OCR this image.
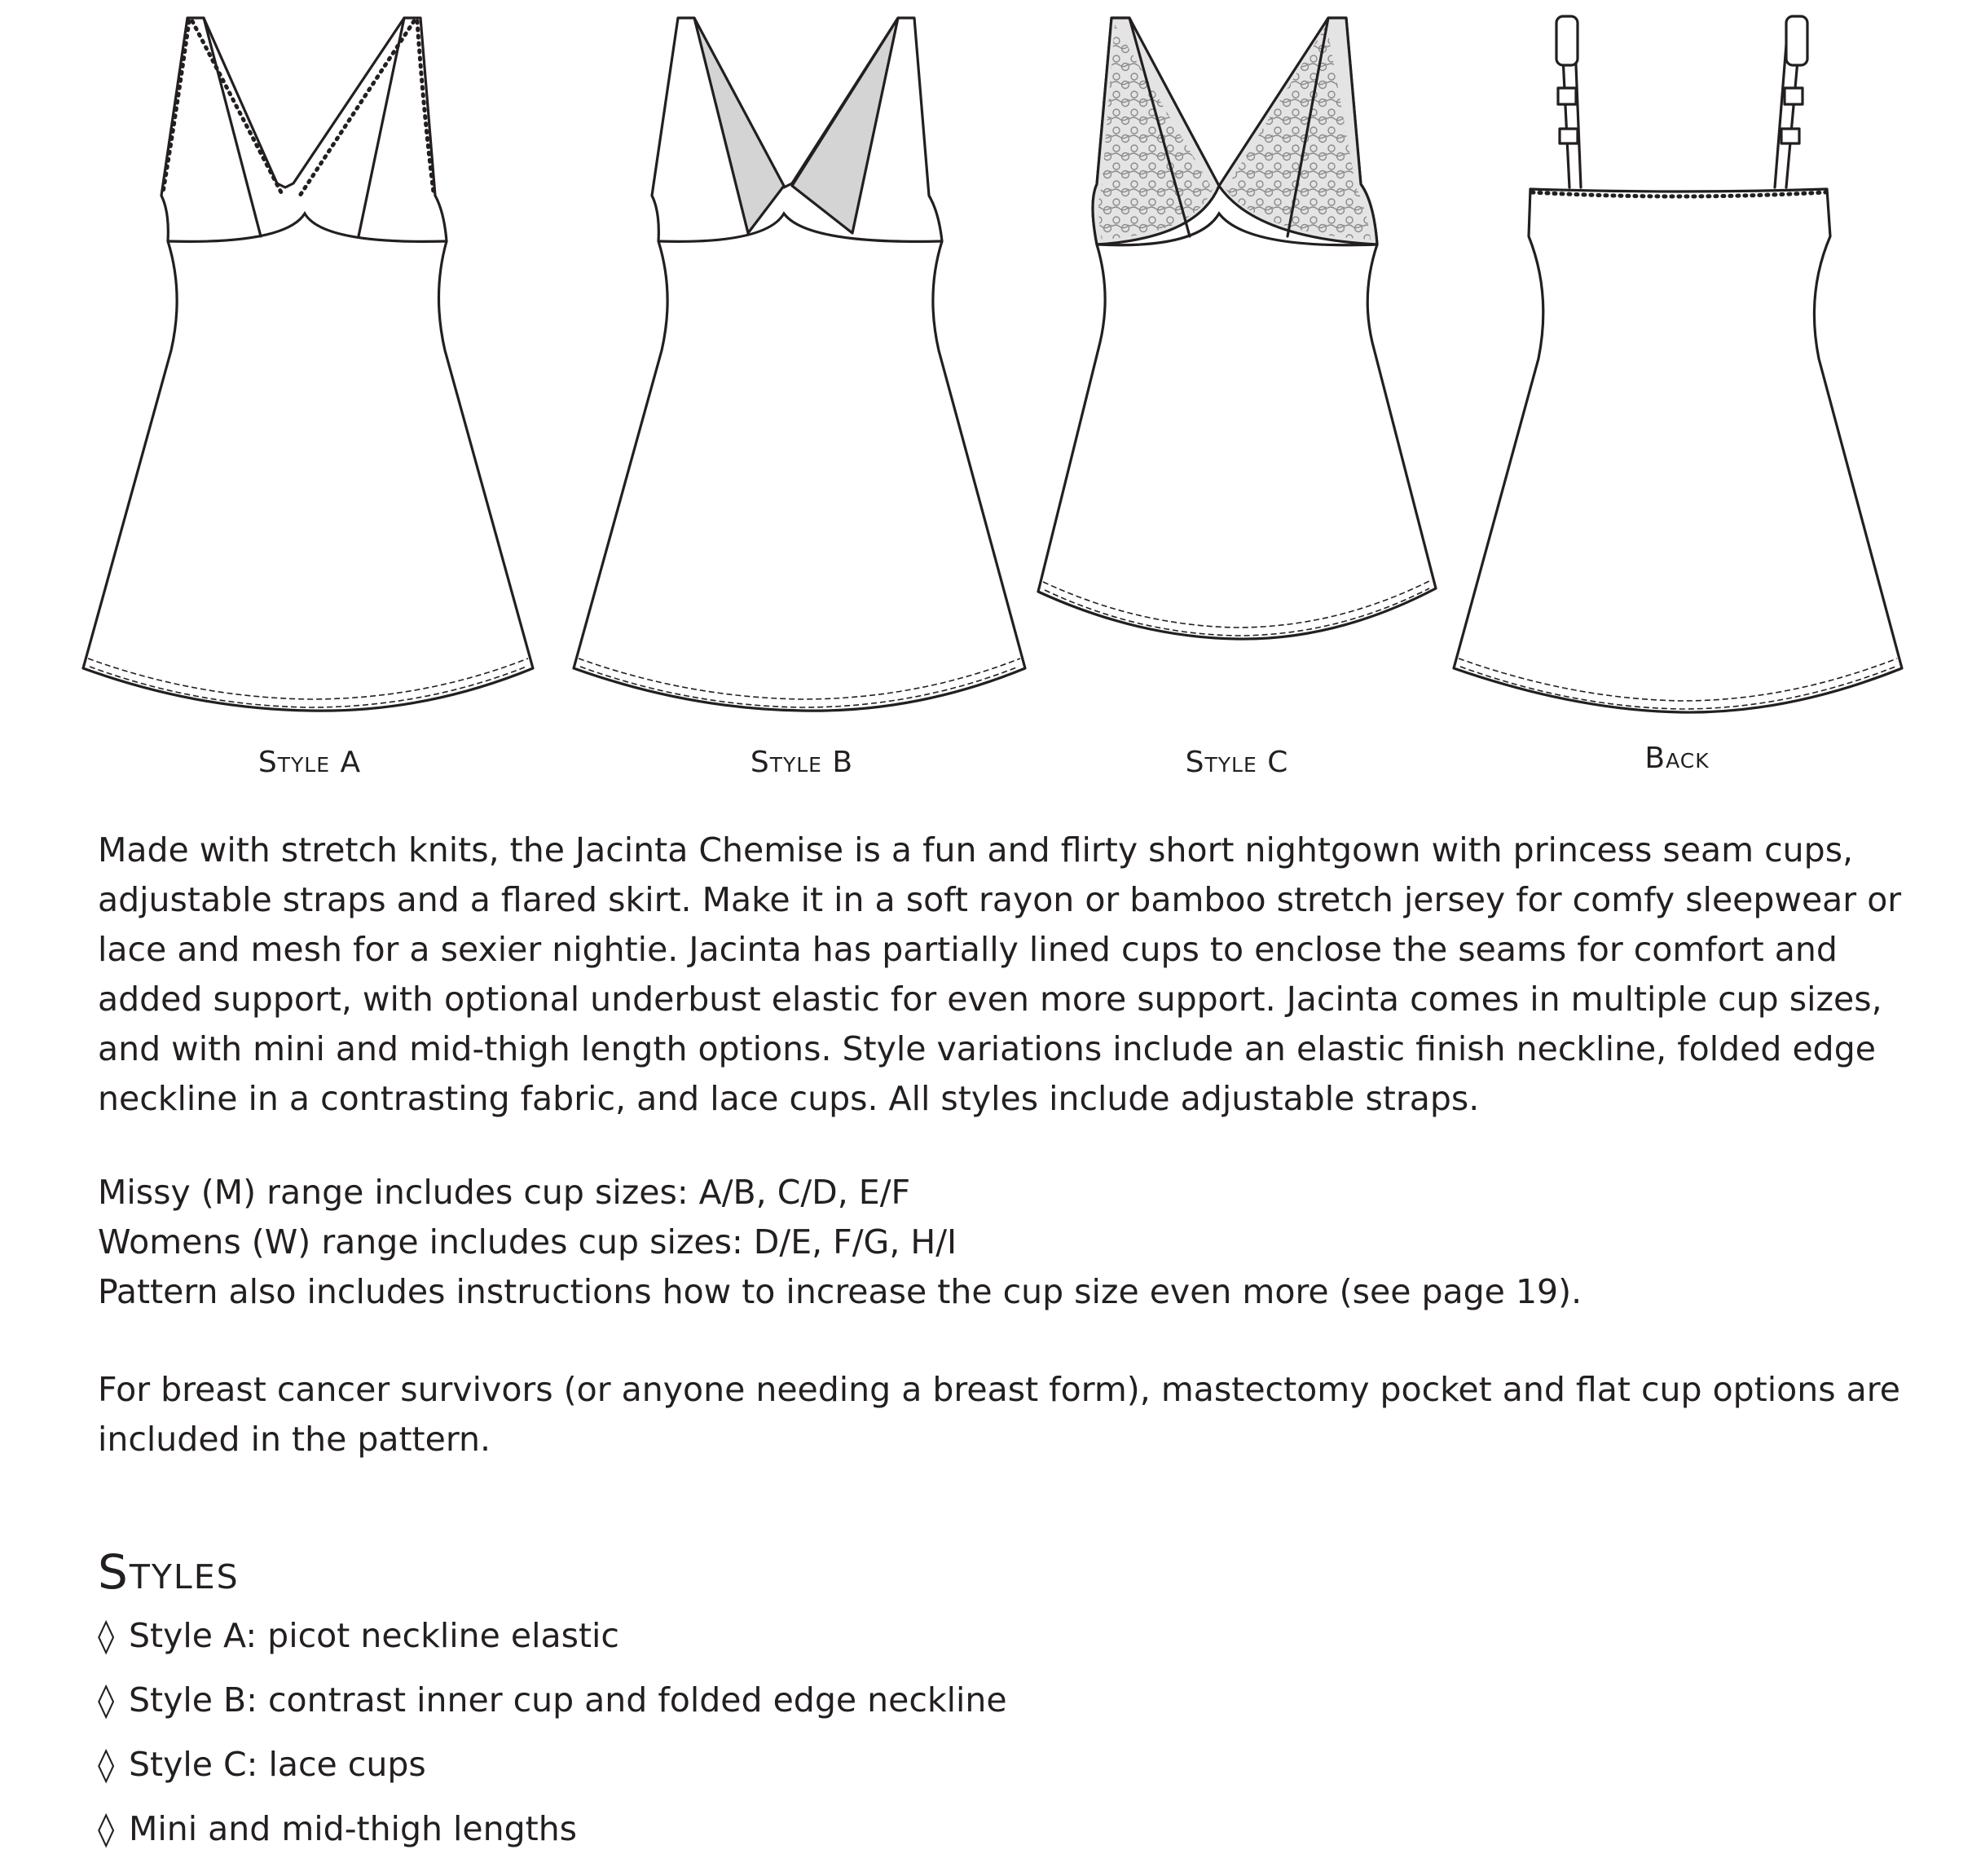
Style A	Style B	Style C	Back

Made with stretch knits, the Jacinta Chemise is a fun and flirty short nightgown with princess seam cups, adjustable straps and a flared skirt. Make it in a soft rayon or bamboo stretch jersey for comfy sleepwear or lace and mesh for a sexier nightie. Jacinta has partially lined cups to enclose the seams for comfort and added support, with optional underbust elastic for even more support. Jacinta comes in multiple cup sizes, and with mini and mid-thigh length options. Style variations include an elastic finish neckline, folded edge neckline in a contrasting fabric, and lace cups. All styles include adjustable straps.

Missy (M) range includes cup sizes: A/B, C/D, E/F

Womens (W) range includes cup sizes: D/E, F/G, H/I

Pattern also includes instructions how to increase the cup size even more (see page 19).

For breast cancer survivors (or anyone needing a breast form), mastectomy pocket and flat cup options are included in the pattern.

Styles
◊ Style A: picot neckline elastic
◊ Style B: contrast inner cup and folded edge neckline
◊ Style C: lace cups
◊ Mini and mid-thigh lengths
